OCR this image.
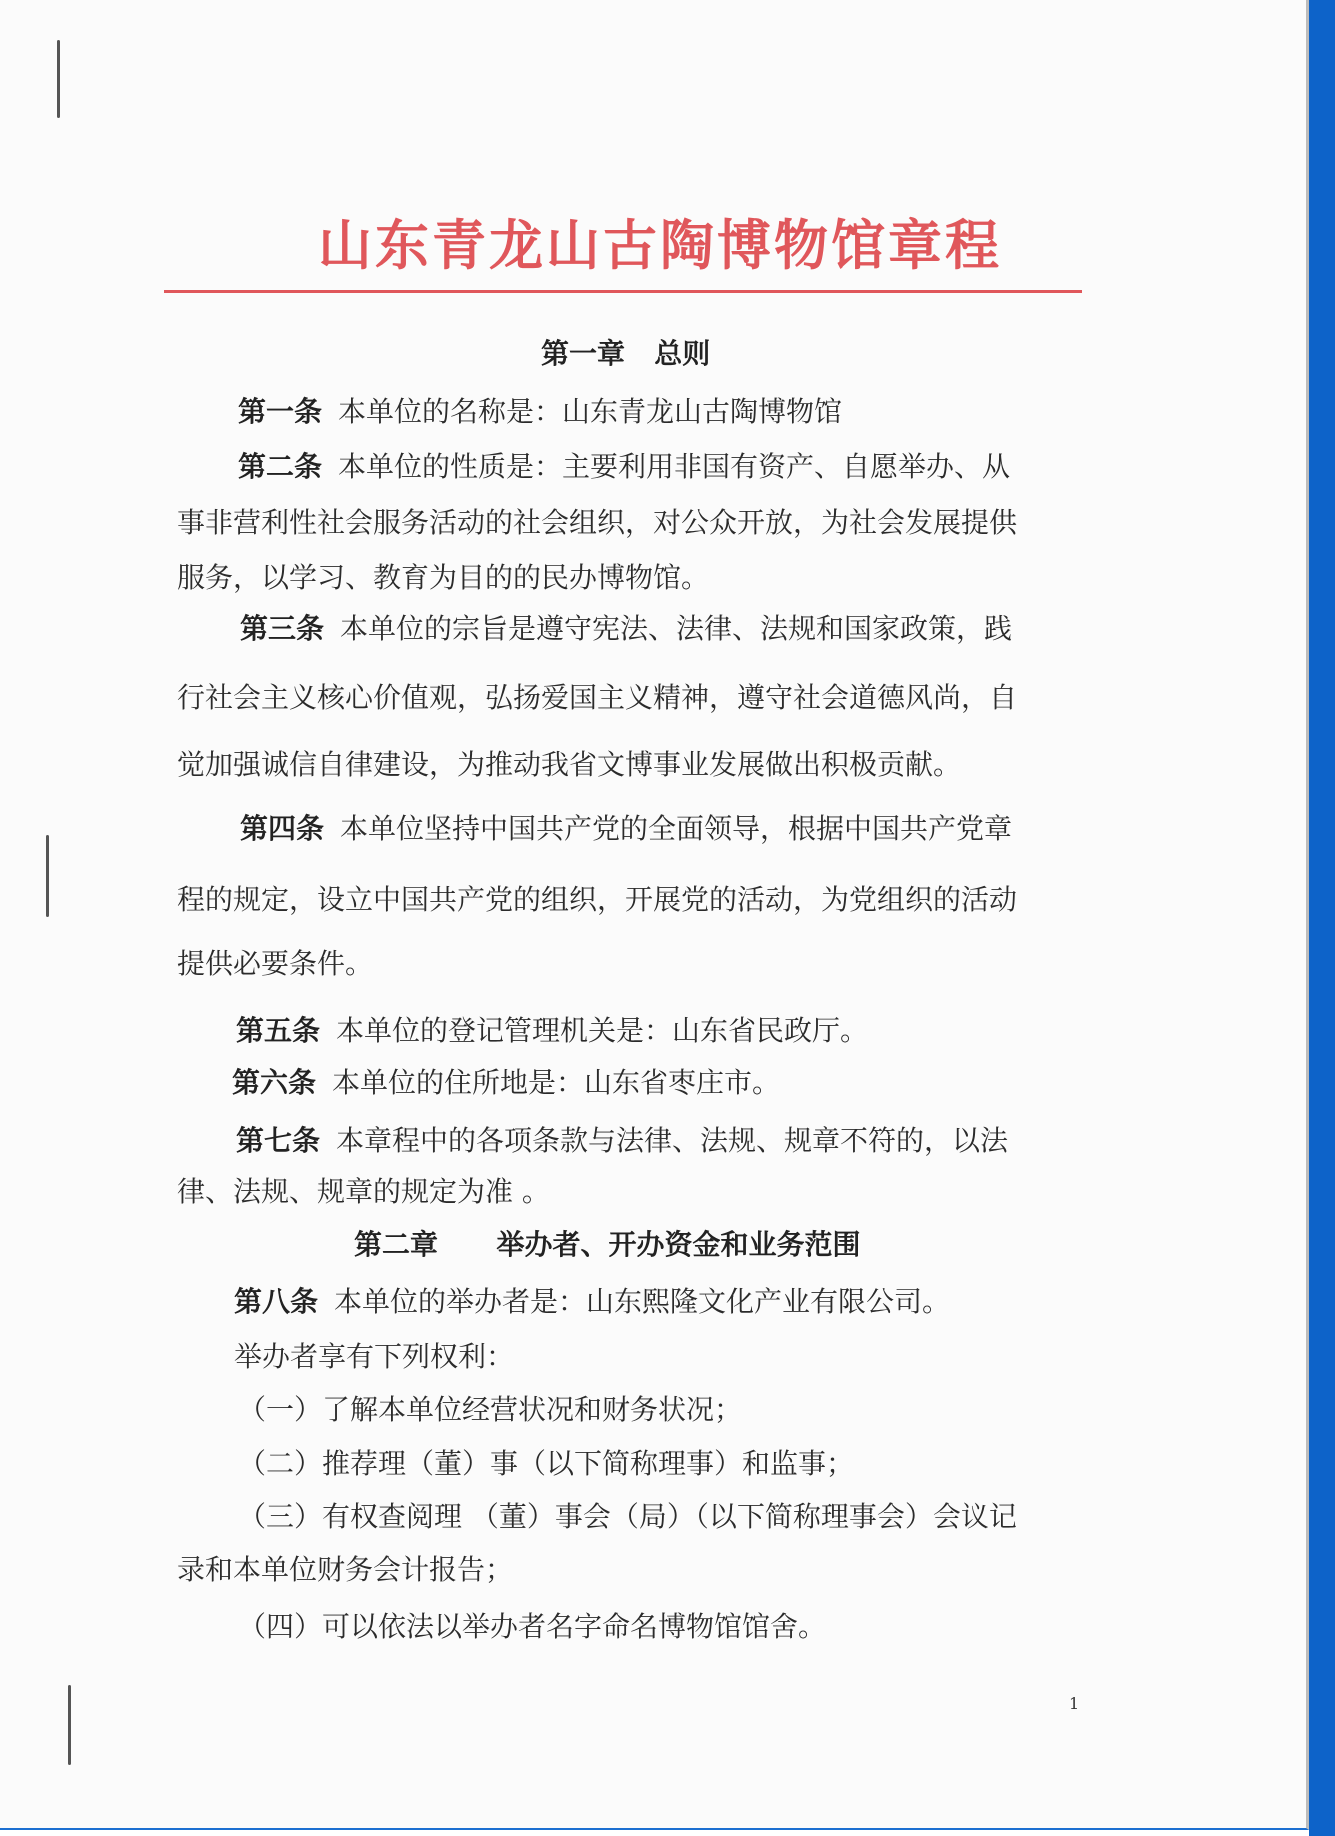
山东青龙山古陶博物馆章程
第一章   总则
第一条 本单位的名称是：山东青龙山古陶博物馆
第二条 本单位的性质是：主要利用非国有资产、自愿举办、从
事非营利性社会服务活动的社会组织，对公众开放，为社会发展提供
服务，以学习、教育为目的的民办博物馆。
第三条 本单位的宗旨是遵守宪法、法律、法规和国家政策，践
行社会主义核心价值观，弘扬爱国主义精神，遵守社会道德风尚，自
觉加强诚信自律建设，为推动我省文博事业发展做出积极贡献。
第四条 本单位坚持中国共产党的全面领导，根据中国共产党章
程的规定，设立中国共产党的组织，开展党的活动，为党组织的活动
提供必要条件。
第五条 本单位的登记管理机关是：山东省民政厅。
第六条 本单位的住所地是：山东省枣庄市。
第七条 本章程中的各项条款与法律、法规、规章不符的，以法
律、法规、规章的规定为准 。
第二章      举办者、开办资金和业务范围
第八条 本单位的举办者是：山东熙隆文化产业有限公司。
举办者享有下列权利：
（一）了解本单位经营状况和财务状况；
（二）推荐理（董）事（以下简称理事）和监事；
（三）有权查阅理 （董）事会（局）（以下简称理事会）会议记
录和本单位财务会计报告；
（四）可以依法以举办者名字命名博物馆馆舍。
1
